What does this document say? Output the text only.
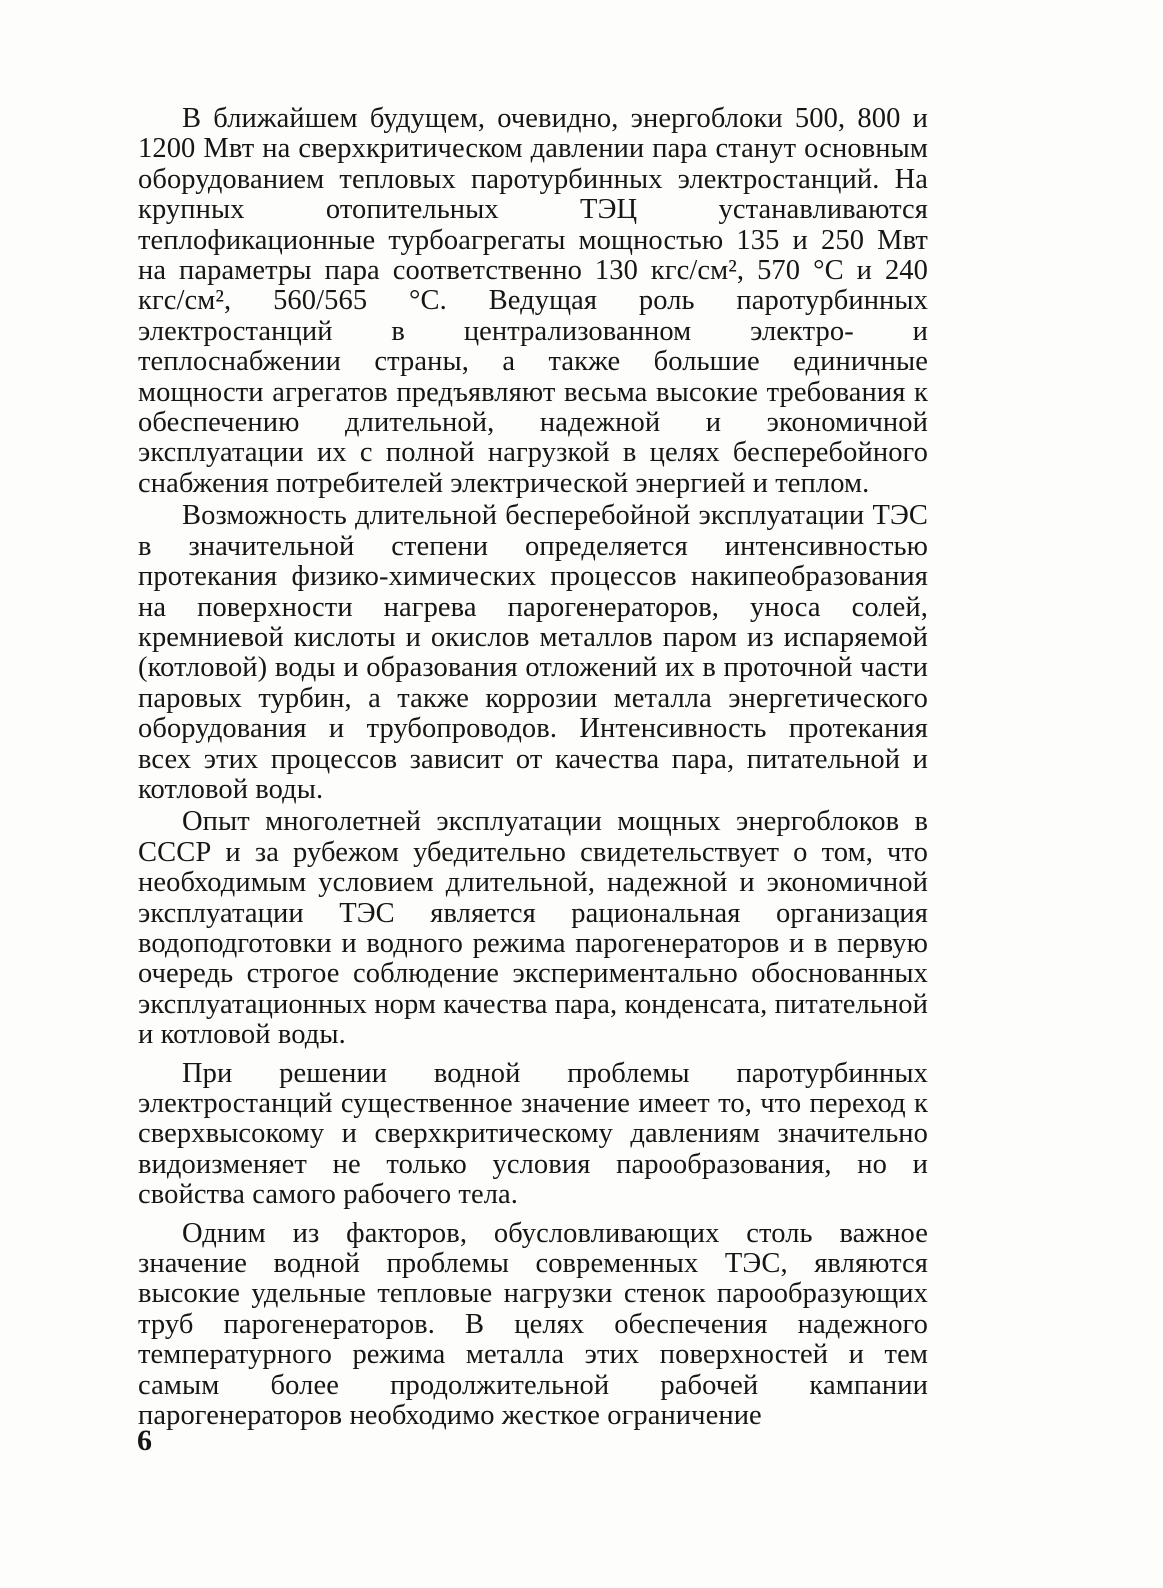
В ближайшем будущем, очевидно, энергоблоки 500, 800 и 1200 Мвт на сверхкритическом давлении пара станут основным оборудованием тепловых паротурбинных электростанций. На крупных отопительных ТЭЦ устанавливаются теплофикационные турбоагрегаты мощностью 135 и 250 Мвт на параметры пара соответственно 130 кгс/см², 570 °С и 240 кгс/см², 560/565 °С. Ведущая роль паротурбинных электростанций в централизованном электро- и теплоснабжении страны, а также большие единичные мощности агрегатов предъявляют весьма высокие требования к обеспечению длительной, надежной и экономичной эксплуатации их с полной нагрузкой в целях бесперебойного снабжения потребителей электрической энергией и теплом.

Возможность длительной бесперебойной эксплуатации ТЭС в значительной степени определяется интенсивностью протекания физико-химических процессов накипеобразования на поверхности нагрева парогенераторов, уноса солей, кремниевой кислоты и окислов металлов паром из испаряемой (котловой) воды и образования отложений их в проточной части паровых турбин, а также коррозии металла энергетического оборудования и трубопроводов. Интенсивность протекания всех этих процессов зависит от качества пара, питательной и котловой воды.

Опыт многолетней эксплуатации мощных энергоблоков в СССР и за рубежом убедительно свидетельствует о том, что необходимым условием длительной, надежной и экономичной эксплуатации ТЭС является рациональная организация водоподготовки и водного режима парогенераторов и в первую очередь строгое соблюдение экспериментально обоснованных эксплуатационных норм качества пара, конденсата, питательной и котловой воды.

При решении водной проблемы паротурбинных электростанций существенное значение имеет то, что переход к сверхвысокому и сверхкритическому давлениям значительно видоизменяет не только условия парообразования, но и свойства самого рабочего тела.

Одним из факторов, обусловливающих столь важное значение водной проблемы современных ТЭС, являются высокие удельные тепловые нагрузки стенок парообразующих труб парогенераторов. В целях обеспечения надежного температурного режима металла этих поверхностей и тем самым более продолжительной рабочей кампании парогенераторов необходимо жесткое ограничение

6
